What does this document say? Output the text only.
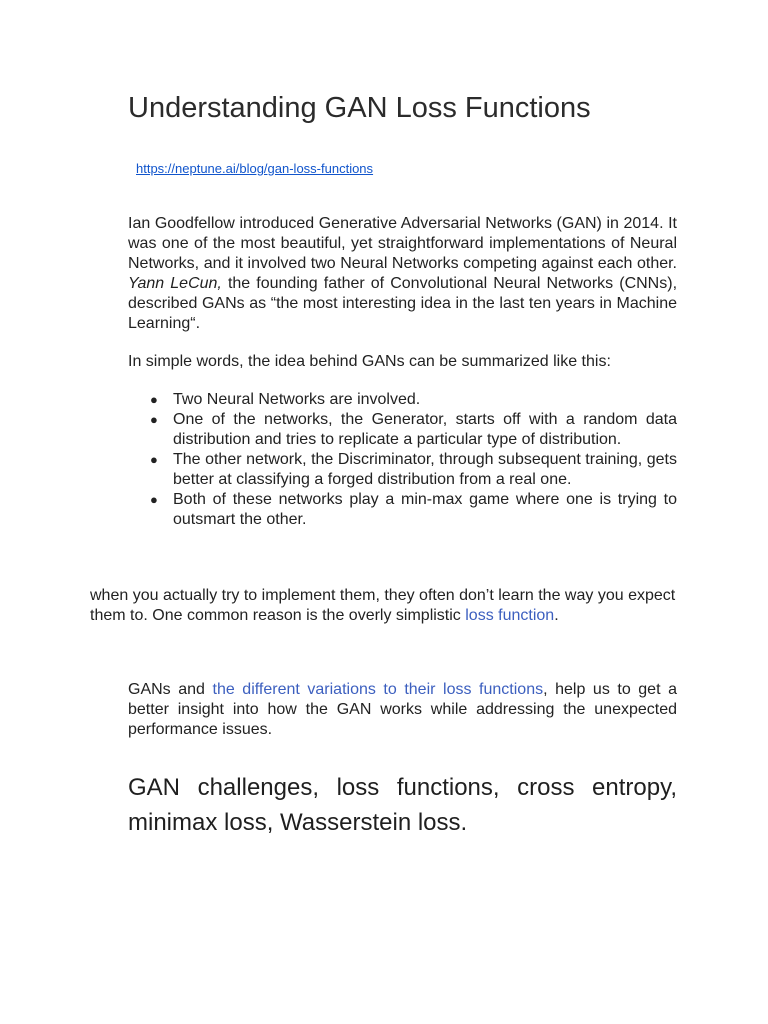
Understanding GAN Loss Functions
https://neptune.ai/blog/gan-loss-functions

Ian Goodfellow introduced Generative Adversarial Networks (GAN) in 2014. It was one of the most beautiful, yet straightforward implementations of Neural Networks, and it involved two Neural Networks competing against each other. Yann LeCun, the founding father of Convolutional Neural Networks (CNNs), described GANs as “the most interesting idea in the last ten years in Machine Learning“.

In simple words, the idea behind GANs can be summarized like this:

● Two Neural Networks are involved.
● One of the networks, the Generator, starts off with a random data distribution and tries to replicate a particular type of distribution.
● The other network, the Discriminator, through subsequent training, gets better at classifying a forged distribution from a real one.
● Both of these networks play a min-max game where one is trying to outsmart the other.

when you actually try to implement them, they often don’t learn the way you expect them to. One common reason is the overly simplistic loss function.

GANs and the different variations to their loss functions, help us to get a better insight into how the GAN works while addressing the unexpected performance issues.

GAN challenges, loss functions, cross entropy, minimax loss, Wasserstein loss.
